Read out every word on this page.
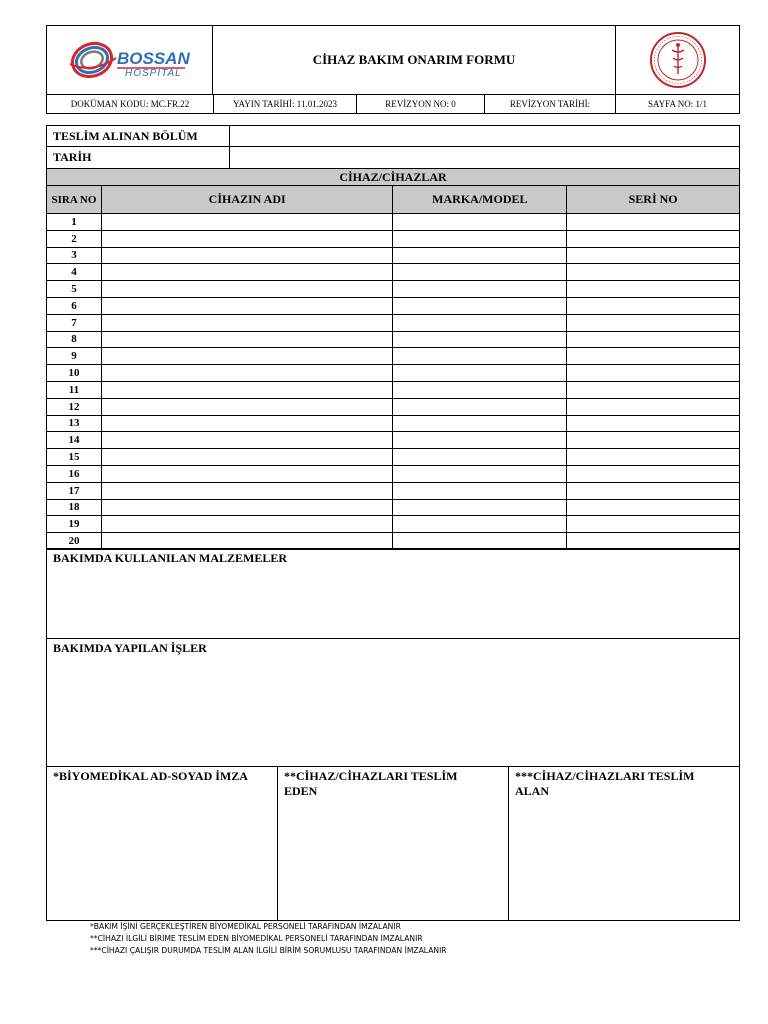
BOSSAN
HOSPITAL
CİHAZ BAKIM ONARIM FORMU
DOKÜMAN KODU: MC.FR.22	YAYIN TARİHİ: 11.01.2023	REVİZYON NO: 0	REVİZYON TARİHİ:	SAYFA NO: 1/1
TESLİM ALINAN BÖLÜM				
TARİH				
CİHAZ/CİHAZLAR				
SIRA NO	CİHAZIN ADI		MARKA/MODEL	SERİ NO
1				
2				
3				
4				
5				
6				
7				
8				
9				
10				
11				
12				
13				
14				
15				
16				
17				
18				
19				
20				
BAKIMDA KULLANILAN MALZEMELER
BAKIMDA YAPILAN İŞLER
*BİYOMEDİKAL AD-SOYAD İMZA	**CİHAZ/CİHAZLARI TESLİM EDEN
***CİHAZ/CİHAZLARI TESLİM ALAN
*BAKIM İŞİNİ GERÇEKLEŞTİREN BİYOMEDİKAL PERSONELİ TARAFINDAN İMZALANIR
**CİHAZI İLGİLİ BİRİME TESLİM EDEN BİYOMEDİKAL PERSONELİ TARAFINDAN İMZALANIR
***CİHAZI ÇALIŞIR DURUMDA TESLİM ALAN İLGİLİ BİRİM SORUMLUSU TARAFINDAN İMZALANIR
